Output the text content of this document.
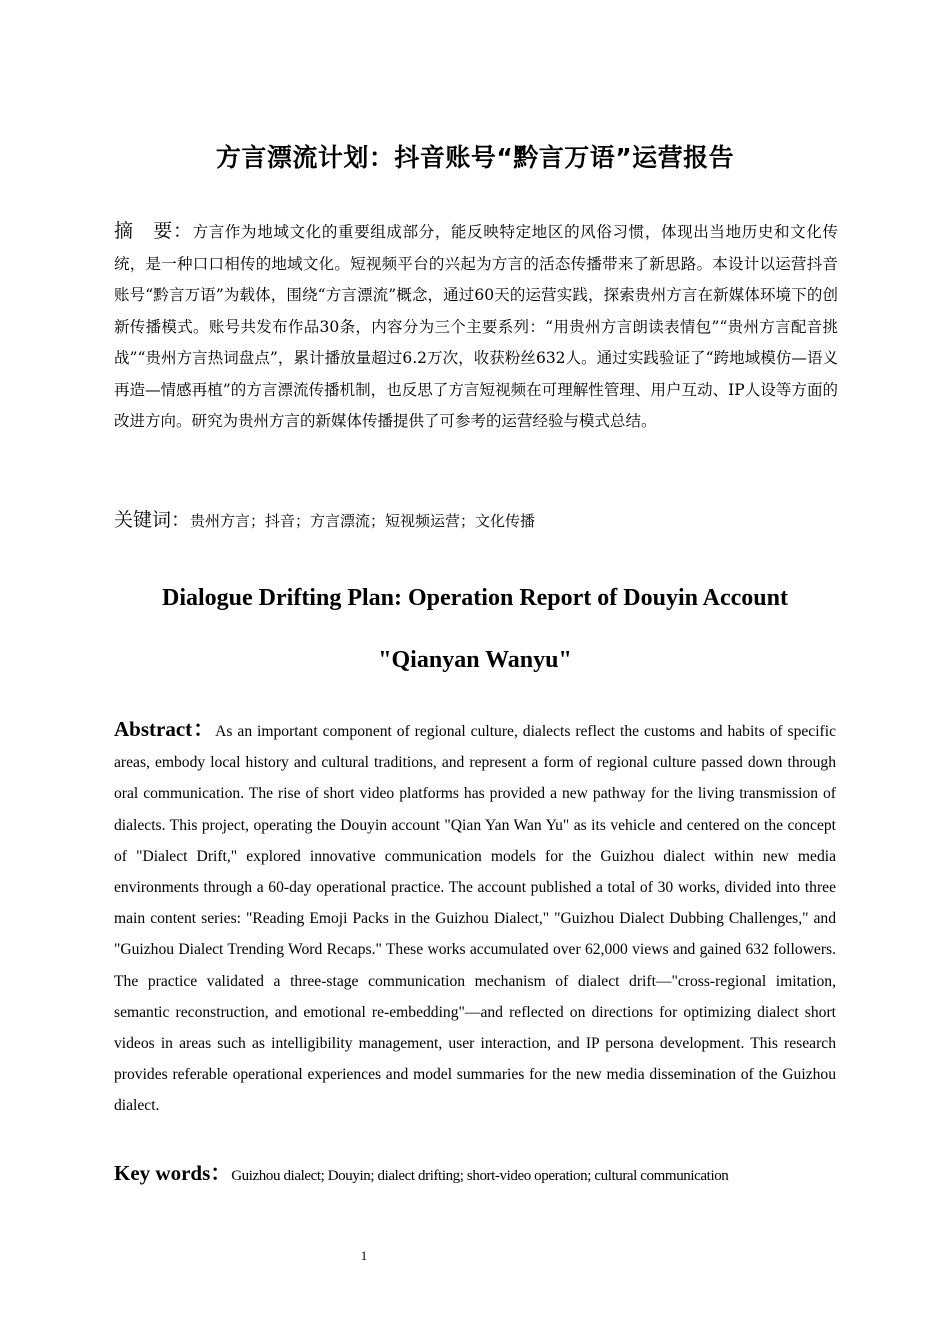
方言漂流计划：抖音账号“黔言万语”运营报告
摘　要：方言作为地域文化的重要组成部分，能反映特定地区的风俗习惯，体现出当地历史和文化传统，是一种口口相传的地域文化。短视频平台的兴起为方言的活态传播带来了新思路。本设计以运营抖音账号“黔言万语”为载体，围绕“方言漂流”概念，通过60天的运营实践，探索贵州方言在新媒体环境下的创新传播模式。账号共发布作品30条，内容分为三个主要系列：“用贵州方言朗读表情包”“贵州方言配音挑战”“贵州方言热词盘点”，累计播放量超过6.2万次，收获粉丝632人。通过实践验证了“跨地域模仿—语义再造—情感再植”的方言漂流传播机制，也反思了方言短视频在可理解性管理、用户互动、IP人设等方面的改进方向。研究为贵州方言的新媒体传播提供了可参考的运营经验与模式总结。
关键词：贵州方言；抖音；方言漂流；短视频运营；文化传播
Dialogue Drifting Plan: Operation Report of Douyin Account
"Qianyan Wanyu"
Abstract：As an important component of regional culture, dialects reflect the customs and habits of specific areas, embody local history and cultural traditions, and represent a form of regional culture passed down through oral communication. The rise of short video platforms has provided a new pathway for the living transmission of dialects. This project, operating the Douyin account "Qian Yan Wan Yu" as its vehicle and centered on the concept of "Dialect Drift," explored innovative communication models for the Guizhou dialect within new media environments through a 60-day operational practice. The account published a total of 30 works, divided into three main content series: "Reading Emoji Packs in the Guizhou Dialect," "Guizhou Dialect Dubbing Challenges," and "Guizhou Dialect Trending Word Recaps." These works accumulated over 62,000 views and gained 632 followers. The practice validated a three-stage communication mechanism of dialect drift—"cross-regional imitation, semantic reconstruction, and emotional re-embedding"—and reflected on directions for optimizing dialect short videos in areas such as intelligibility management, user interaction, and IP persona development. This research provides referable operational experiences and model summaries for the new media dissemination of the Guizhou dialect.
Key words：Guizhou dialect; Douyin; dialect drifting; short-video operation; cultural communication
1
